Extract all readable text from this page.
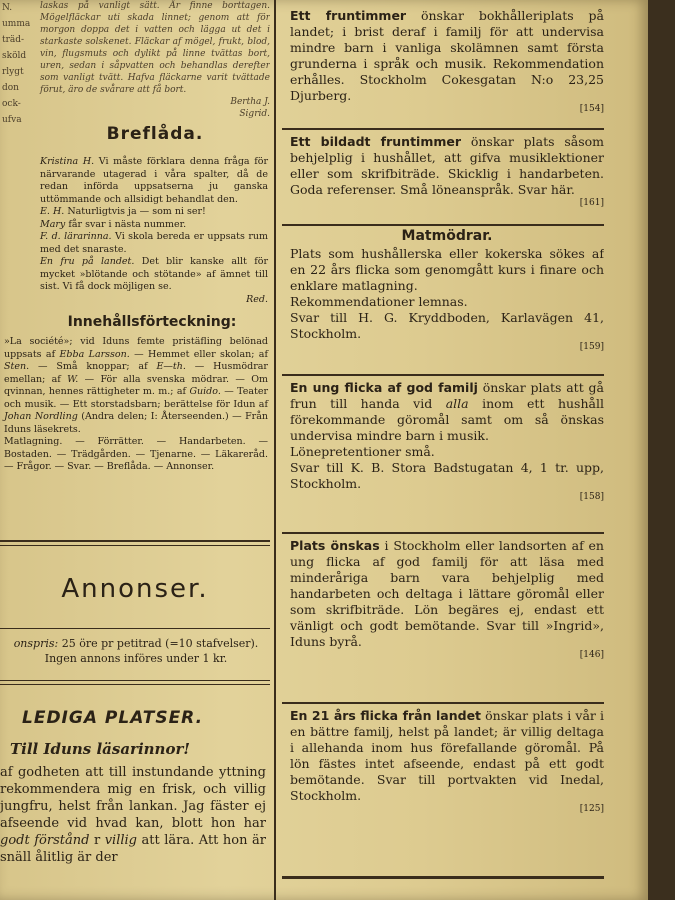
N.
umma
träd-
sköld
rlygt
don
ock-
ufva
laskas på vanligt sätt. Är finne borttagen. Mögelfläckar uti skada linnet; genom att för morgon doppa det i vatten och lägga ut det i starkaste solskenet. Fläckar af mögel, frukt, blod, vin, flugsmuts och dylikt på linne tvättas bort, uren, sedan i såpvatten och behandlas derefter som vanligt tvätt. Hafva fläckarne varit tvättade förut, äro de svårare att få bort.
Bertha J.
Sigrid.
Breflåda.
Kristina H. Vi måste förklara denna fråga för närvarande utagerad i våra spalter, då de redan införda uppsatserna ju ganska uttömmande och allsidigt behandlat den.
E. H. Naturligtvis ja — som ni ser!
Mary får svar i nästa nummer.
F. d. lärarinna. Vi skola bereda er uppsats rum med det snaraste.
En fru på landet. Det blir kanske allt för mycket »blötande och stötande» af ämnet till sist. Vi få dock möjligen se.
Red.
Innehållsförteckning:
»La société»; vid Iduns femte pristäfling belönad uppsats af Ebba Larsson. — Hemmet eller skolan; af Sten. — Små knoppar; af E—th. — Husmödrar emellan; af W. — För alla svenska mödrar. — Om qvinnan, hennes rättigheter m. m.; af Guido. — Teater och musik. — Ett storstadsbarn; berättelse för Idun af Johan Nordling (Andra delen; I: Återseenden.) — Från Iduns läsekrets.
Matlagning. — Förrätter. — Handarbeten. — Bostaden. — Trädgården. — Tjenarne. — Läkareråd. — Frågor. — Svar. — Breflåda. — Annonser.
Annonser.
onspris: 25 öre pr petitrad (=10 stafvelser).
Ingen annons införes under 1 kr.
LEDIGA PLATSER.
Till Iduns läsarinnor!
af godheten att till instundande yttning rekommendera mig en frisk, och villig jungfru, helst från lankan. Jag fäster ej afseende vid hvad kan, blott hon har godt förstånd r villig att lära. Att hon är snäll ålitlig är der
Ett fruntimmer önskar bokhålleriplats på landet; i brist deraf i familj för att undervisa mindre barn i vanliga skolämnen samt första grunderna i språk och musik. Rekommendation erhålles. Stockholm Cokesgatan N:o 23,25 Djurberg.
[154]
Ett bildadt fruntimmer önskar plats såsom behjelplig i hushållet, att gifva musiklektioner eller som skrifbiträde. Skicklig i handarbeten. Goda referenser. Små löneanspråk. Svar här.
[161]
Matmödrar.
Plats som hushållerska eller kokerska sökes af en 22 års flicka som genomgått kurs i finare och enklare matlagning.
Rekommendationer lemnas.
Svar till H. G. Kryddboden, Karlavägen 41, Stockholm.
[159]
En ung flicka af god familj önskar plats att gå frun till handa vid alla inom ett hushåll förekommande göromål samt om så önskas undervisa mindre barn i musik.
Lönepretentioner små.
Svar till K. B. Stora Badstugatan 4, 1 tr. upp, Stockholm.
[158]
Plats önskas i Stockholm eller landsorten af en ung flicka af god familj för att läsa med minderåriga barn vara behjelplig med handarbeten och deltaga i lättare göromål eller som skrifbiträde. Lön begäres ej, endast ett vänligt och godt bemötande. Svar till »Ingrid», Iduns byrå.
[146]
En 21 års flicka från landet önskar plats i vår i en bättre familj, helst på landet; är villig deltaga i allehanda inom hus förefallande göromål. På lön fästes intet afseende, endast på ett godt bemötande. Svar till portvakten vid Inedal, Stockholm.
[125]
